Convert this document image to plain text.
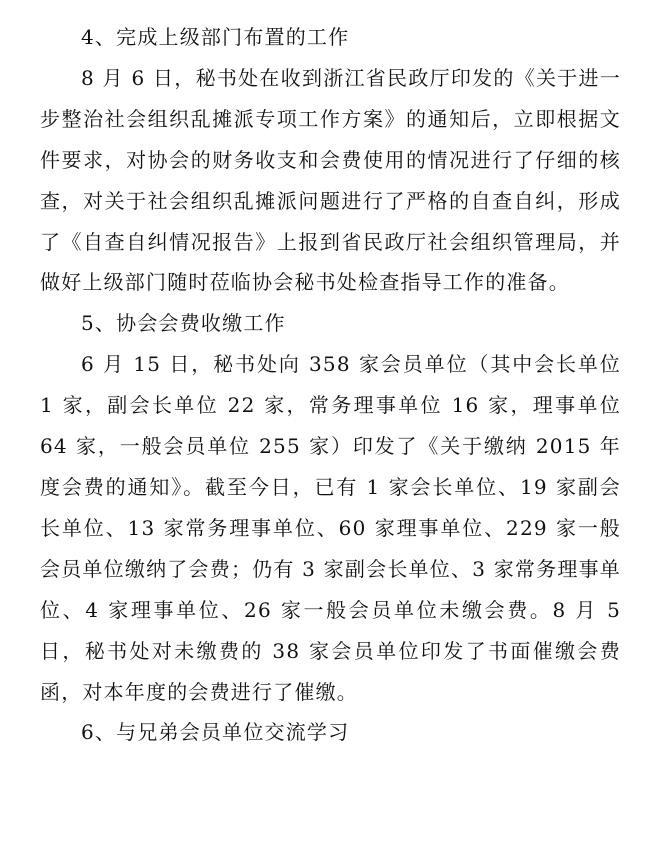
4、完成上级部门布置的工作

8 月 6 日，秘书处在收到浙江省民政厅印发的《关于进一步整治社会组织乱摊派专项工作方案》的通知后，立即根据文件要求，对协会的财务收支和会费使用的情况进行了仔细的核查，对关于社会组织乱摊派问题进行了严格的自查自纠，形成了《自查自纠情况报告》上报到省民政厅社会组织管理局，并做好上级部门随时莅临协会秘书处检查指导工作的准备。

5、协会会费收缴工作

6 月 15 日，秘书处向 358 家会员单位（其中会长单位 1 家，副会长单位 22 家，常务理事单位 16 家，理事单位 64 家，一般会员单位 255 家）印发了《关于缴纳 2015 年度会费的通知》。截至今日，已有 1 家会长单位、19 家副会长单位、13 家常务理事单位、60 家理事单位、229 家一般会员单位缴纳了会费；仍有 3 家副会长单位、3 家常务理事单位、4 家理事单位、26 家一般会员单位未缴会费。8 月 5 日，秘书处对未缴费的 38 家会员单位印发了书面催缴会费函，对本年度的会费进行了催缴。

6、与兄弟会员单位交流学习
